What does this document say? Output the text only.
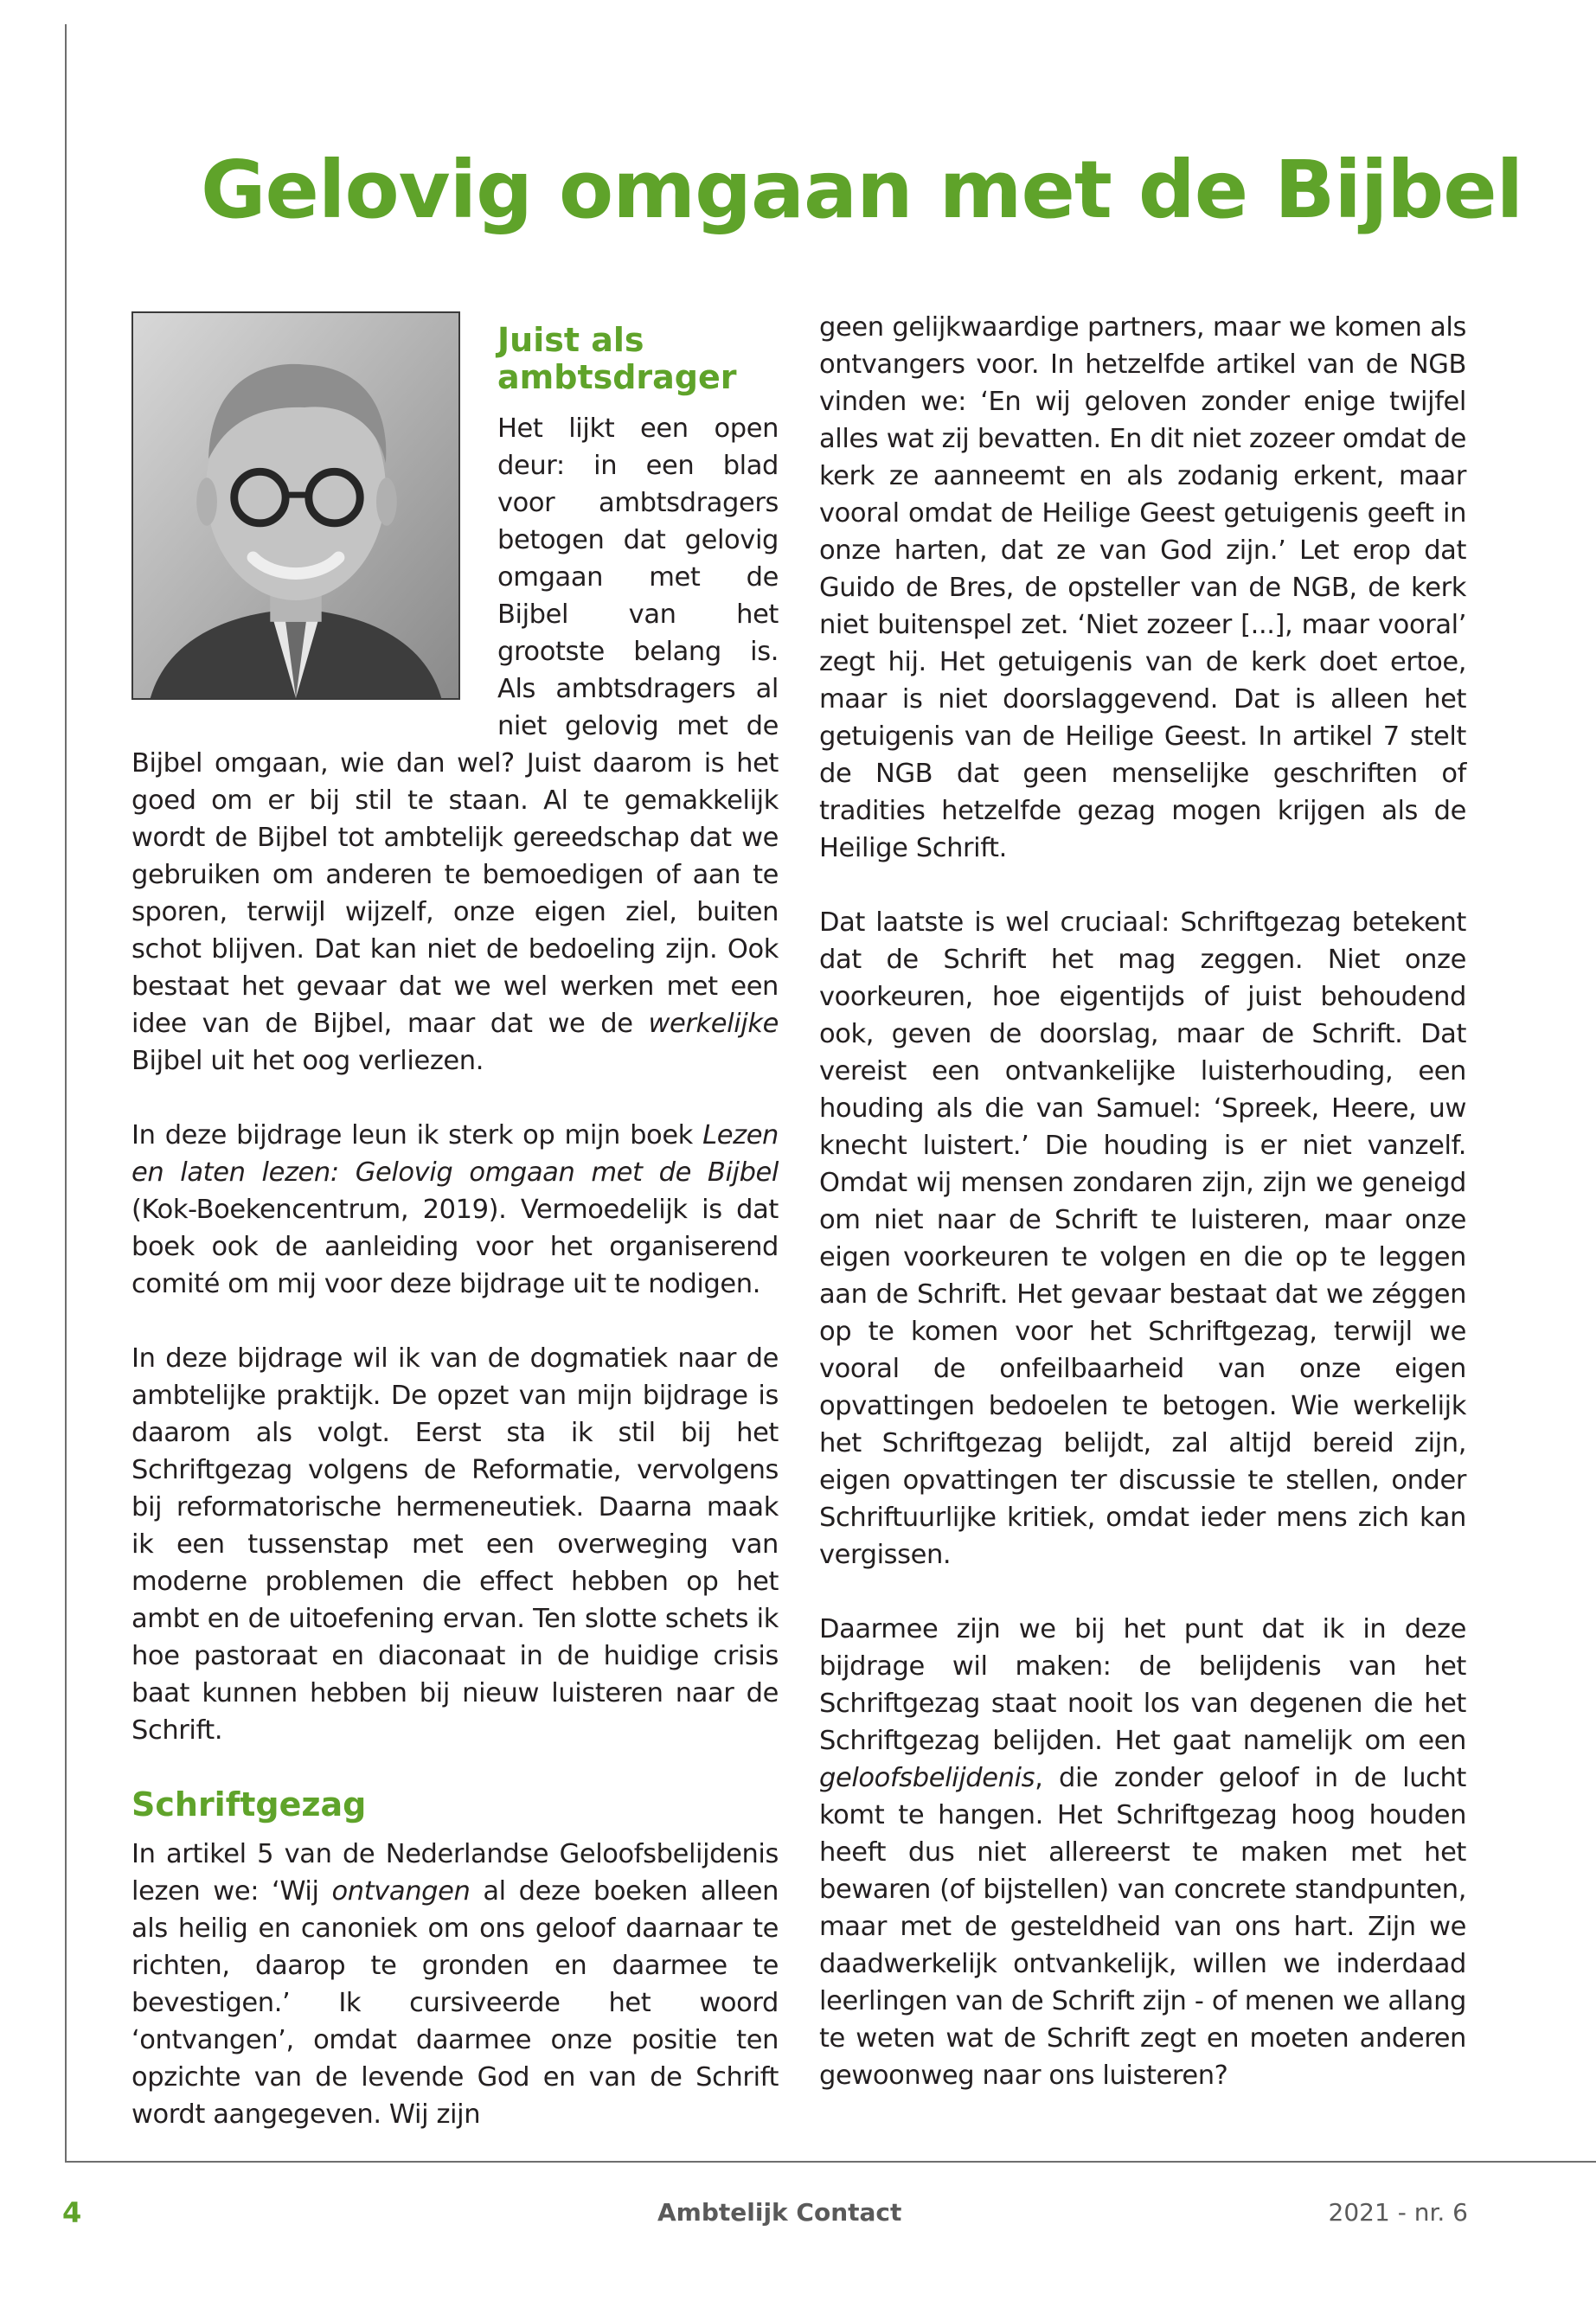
Gelovig omgaan met de Bijbel
Juist als ambtsdrager

Het lijkt een open deur: in een blad voor ambtsdragers betogen dat gelovig omgaan met de Bijbel van het grootste belang is. Als ambtsdragers al niet gelovig met de Bijbel omgaan, wie dan wel? Juist daarom is het goed om er bij stil te staan. Al te gemakkelijk wordt de Bijbel tot ambtelijk gereedschap dat we gebruiken om anderen te bemoedigen of aan te sporen, terwijl wijzelf, onze eigen ziel, buiten schot blijven. Dat kan niet de bedoeling zijn. Ook bestaat het gevaar dat we wel werken met een idee van de Bijbel, maar dat we de werkelijke Bijbel uit het oog verliezen.

In deze bijdrage leun ik sterk op mijn boek Lezen en laten lezen: Gelovig omgaan met de Bijbel (Kok-Boekencentrum, 2019). Vermoedelijk is dat boek ook de aanleiding voor het organiserend comité om mij voor deze bijdrage uit te nodigen.

In deze bijdrage wil ik van de dogmatiek naar de ambtelijke praktijk. De opzet van mijn bijdrage is daarom als volgt. Eerst sta ik stil bij het Schriftgezag volgens de Reformatie, vervolgens bij reformatorische hermeneutiek. Daarna maak ik een tussenstap met een overweging van moderne problemen die effect hebben op het ambt en de uitoefening ervan. Ten slotte schets ik hoe pastoraat en diaconaat in de huidige crisis baat kunnen hebben bij nieuw luisteren naar de Schrift.

Schriftgezag

In artikel 5 van de Nederlandse Geloofsbelijdenis lezen we: ‘Wij ontvangen al deze boeken alleen als heilig en canoniek om ons geloof daarnaar te richten, daarop te gronden en daarmee te bevestigen.’ Ik cursiveerde het woord ‘ontvangen’, omdat daarmee onze positie ten opzichte van de levende God en van de Schrift wordt aangegeven. Wij zijn

geen gelijkwaardige partners, maar we komen als ontvangers voor. In hetzelfde artikel van de NGB vinden we: ‘En wij geloven zonder enige twijfel alles wat zij bevatten. En dit niet zozeer omdat de kerk ze aanneemt en als zodanig erkent, maar vooral omdat de Heilige Geest getuigenis geeft in onze harten, dat ze van God zijn.’ Let erop dat Guido de Bres, de opsteller van de NGB, de kerk niet buitenspel zet. ‘Niet zozeer [...], maar vooral’ zegt hij. Het getuigenis van de kerk doet ertoe, maar is niet doorslaggevend. Dat is alleen het getuigenis van de Heilige Geest. In artikel 7 stelt de NGB dat geen menselijke geschriften of tradities hetzelfde gezag mogen krijgen als de Heilige Schrift.

Dat laatste is wel cruciaal: Schriftgezag betekent dat de Schrift het mag zeggen. Niet onze voorkeuren, hoe eigentijds of juist behoudend ook, geven de doorslag, maar de Schrift. Dat vereist een ontvankelijke luisterhouding, een houding als die van Samuel: ‘Spreek, Heere, uw knecht luistert.’ Die houding is er niet vanzelf. Omdat wij mensen zondaren zijn, zijn we geneigd om niet naar de Schrift te luisteren, maar onze eigen voorkeuren te volgen en die op te leggen aan de Schrift. Het gevaar bestaat dat we zéggen op te komen voor het Schriftgezag, terwijl we vooral de onfeilbaarheid van onze eigen opvattingen bedoelen te betogen. Wie werkelijk het Schriftgezag belijdt, zal altijd bereid zijn, eigen opvattingen ter discussie te stellen, onder Schriftuurlijke kritiek, omdat ieder mens zich kan vergissen.

Daarmee zijn we bij het punt dat ik in deze bijdrage wil maken: de belijdenis van het Schriftgezag staat nooit los van degenen die het Schriftgezag belijden. Het gaat namelijk om een geloofsbelijdenis, die zonder geloof in de lucht komt te hangen. Het Schriftgezag hoog houden heeft dus niet allereerst te maken met het bewaren (of bijstellen) van concrete standpunten, maar met de gesteldheid van ons hart. Zijn we daadwerkelijk ontvankelijk, willen we inderdaad leerlingen van de Schrift zijn - of menen we allang te weten wat de Schrift zegt en moeten anderen gewoonweg naar ons luisteren?

4	Ambtelijk Contact	2021 - nr. 6
